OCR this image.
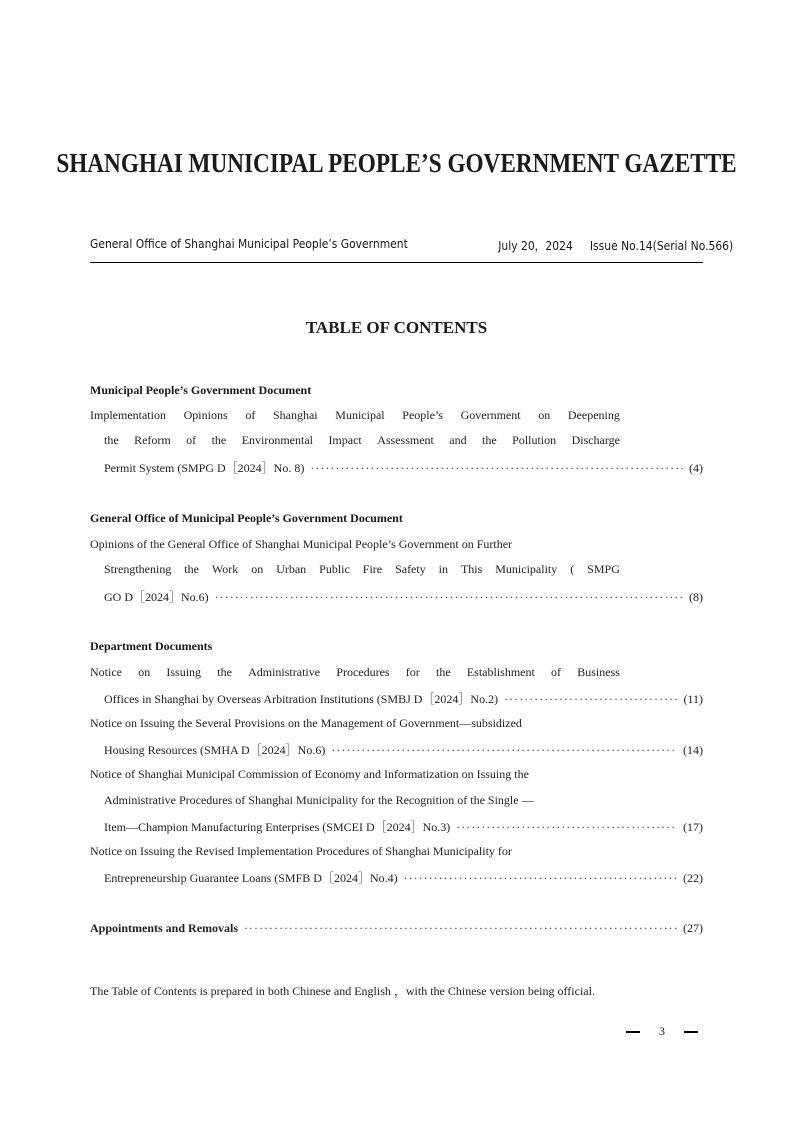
SHANGHAI MUNICIPAL PEOPLE’S GOVERNMENT GAZETTE
General Office of Shanghai Municipal People’s Government	July 20，2024 Issue No.14(Serial No.566)
TABLE OF CONTENTS
Municipal People’s Government Document
Implementation Opinions of Shanghai Municipal People’s Government on Deepening
the Reform of the Environmental Impact Assessment and the Pollution Discharge
Permit System (SMPG D［2024］No. 8) ·····	(4)
General Office of Municipal People’s Government Document
Opinions of the General Office of Shanghai Municipal People’s Government on Further
Strengthening the Work on Urban Public Fire Safety in This Municipality ( SMPG
GO D［2024］No.6) ·····	(8)
Department Documents
Notice on Issuing the Administrative Procedures for the Establishment of Business
Offices in Shanghai by Overseas Arbitration Institutions (SMBJ D［2024］No.2) ·····	(11)
Notice on Issuing the Several Provisions on the Management of Government—subsidized
Housing Resources (SMHA D［2024］No.6) ·····	(14)
Notice of Shanghai Municipal Commission of Economy and Informatization on Issuing the
Administrative Procedures of Shanghai Municipality for the Recognition of the Single —
Item—Champion Manufacturing Enterprises (SMCEI D［2024］No.3) ·····	(17)
Notice on Issuing the Revised Implementation Procedures of Shanghai Municipality for
Entrepreneurship Guarantee Loans (SMFB D［2024］No.4) ·····	(22)
Appointments and Removals ·····	(27)
The Table of Contents is prepared in both Chinese and English ，with the Chinese version being official.
3
